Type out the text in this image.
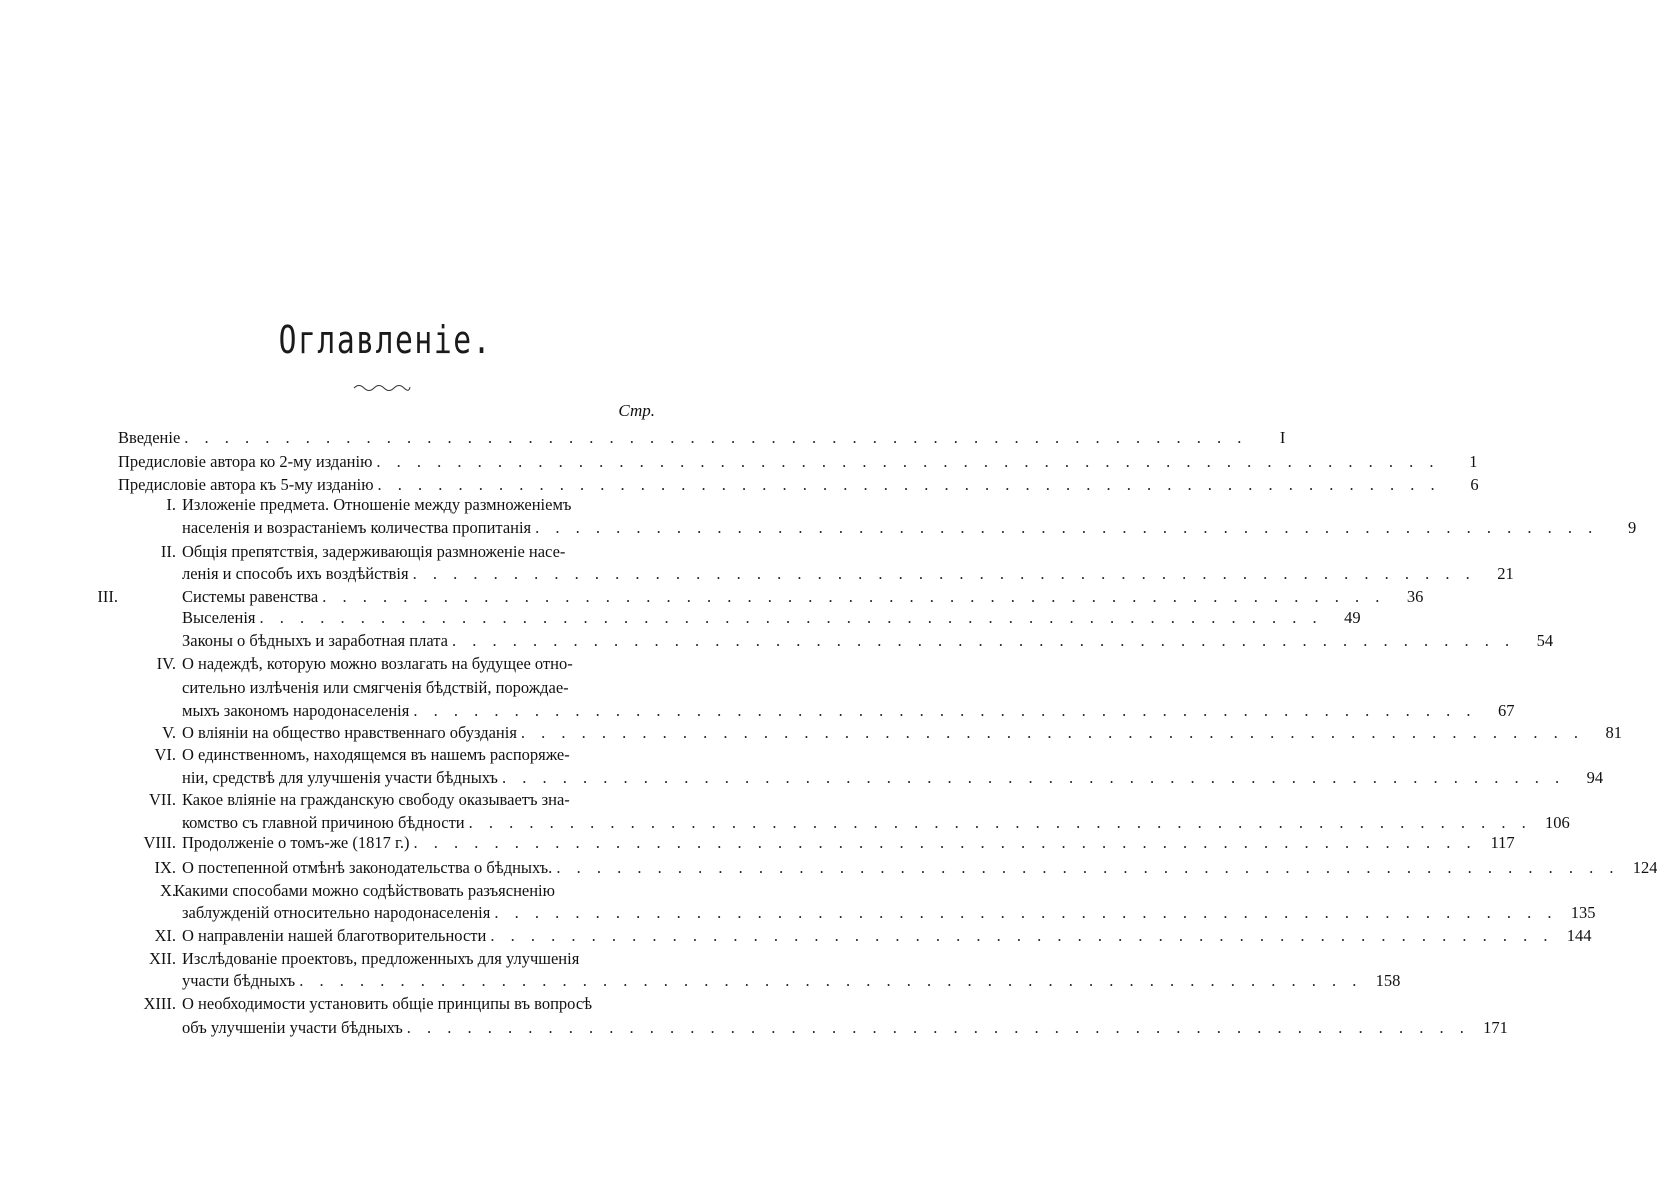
Оглавленiе.
Стр.
Введенiе . . . . . . . . . . . . . . . . . . . . . . . . . . . . . . . . . . . . . . . . . . . . . . . . . . . . .	I
Предисловiе автора ко 2-му изданiю . . . . . . . . . . . . . . . . . . . . . . . . . . . . . . . . . . . . . . . . . . . . . . . . . . . . .	1
Предисловiе автора къ 5-му изданiю . . . . . . . . . . . . . . . . . . . . . . . . . . . . . . . . . . . . . . . . . . . . . . . . . . . . .	6
I. Изложенiе предмета. Отношенiе между размноженiемъ
населенiя и возрастанiемъ количества пропитанiя . . . . . . . . . . . . . . . . . . . . . . . . . . . . . . . . . . . . . . . . . . . . . . . . . . . . .	9
II. Общiя препятствiя, задерживающiя размноженiе насе-
ленiя и способъ ихъ воздѣйствiя . . . . . . . . . . . . . . . . . . . . . . . . . . . . . . . . . . . . . . . . . . . . . . . . . . . . .	21
III.	Системы равенства . . . . . . . . . . . . . . . . . . . . . . . . . . . . . . . . . . . . . . . . . . . . . . . . . . . . .	36
Выселенiя . . . . . . . . . . . . . . . . . . . . . . . . . . . . . . . . . . . . . . . . . . . . . . . . . . . . .	49
Законы о бѣдныхъ и заработная плата . . . . . . . . . . . . . . . . . . . . . . . . . . . . . . . . . . . . . . . . . . . . . . . . . . . . .	54
IV. О надеждѣ, которую можно возлагать на будущее отно-
сительно излѣченiя или смягченiя бѣдствiй, порождае-
мыхъ закономъ народонаселенiя . . . . . . . . . . . . . . . . . . . . . . . . . . . . . . . . . . . . . . . . . . . . . . . . . . . . .	67
V. О влiянiи на общество нравственнаго обузданiя . . . . . . . . . . . . . . . . . . . . . . . . . . . . . . . . . . . . . . . . . . . . . . . . . . . . .	81
VI. О единственномъ, находящемся въ нашемъ распоряже-
нiи, средствѣ для улучшенiя участи бѣдныхъ . . . . . . . . . . . . . . . . . . . . . . . . . . . . . . . . . . . . . . . . . . . . . . . . . . . . .	94
VII. Какое влiянiе на гражданскую свободу оказываетъ зна-
комство съ главной причиною бѣдности . . . . . . . . . . . . . . . . . . . . . . . . . . . . . . . . . . . . . . . . . . . . . . . . . . . . . 106
VIII. Продолженiе о томъ-же (1817 г.) . . . . . . . . . . . . . . . . . . . . . . . . . . . . . . . . . . . . . . . . . . . . . . . . . . . . . 117
IX. О постепенной отмѣнѣ законодательства о бѣдныхъ. . . . . . . . . . . . . . . . . . . . . . . . . . . . . . . . . . . . . . . . . . . . . . . . . . . . . . 124
X.
Какими способами можно содѣйствовать разъясненiю
заблужденiй относительно народонаселенiя . . . . . . . . . . . . . . . . . . . . . . . . . . . . . . . . . . . . . . . . . . . . . . . . . . . . . 135
XI. О направленiи нашей благотворительности . . . . . . . . . . . . . . . . . . . . . . . . . . . . . . . . . . . . . . . . . . . . . . . . . . . . . 144
XII. Изслѣдованiе проектовъ, предложенныхъ для улучшенiя
участи бѣдныхъ . . . . . . . . . . . . . . . . . . . . . . . . . . . . . . . . . . . . . . . . . . . . . . . . . . . . . 158
XIII. О необходимости установить общiе принципы въ вопросѣ
объ улучшенiи участи бѣдныхъ . . . . . . . . . . . . . . . . . . . . . . . . . . . . . . . . . . . . . . . . . . . . . . . . . . . . . 171
